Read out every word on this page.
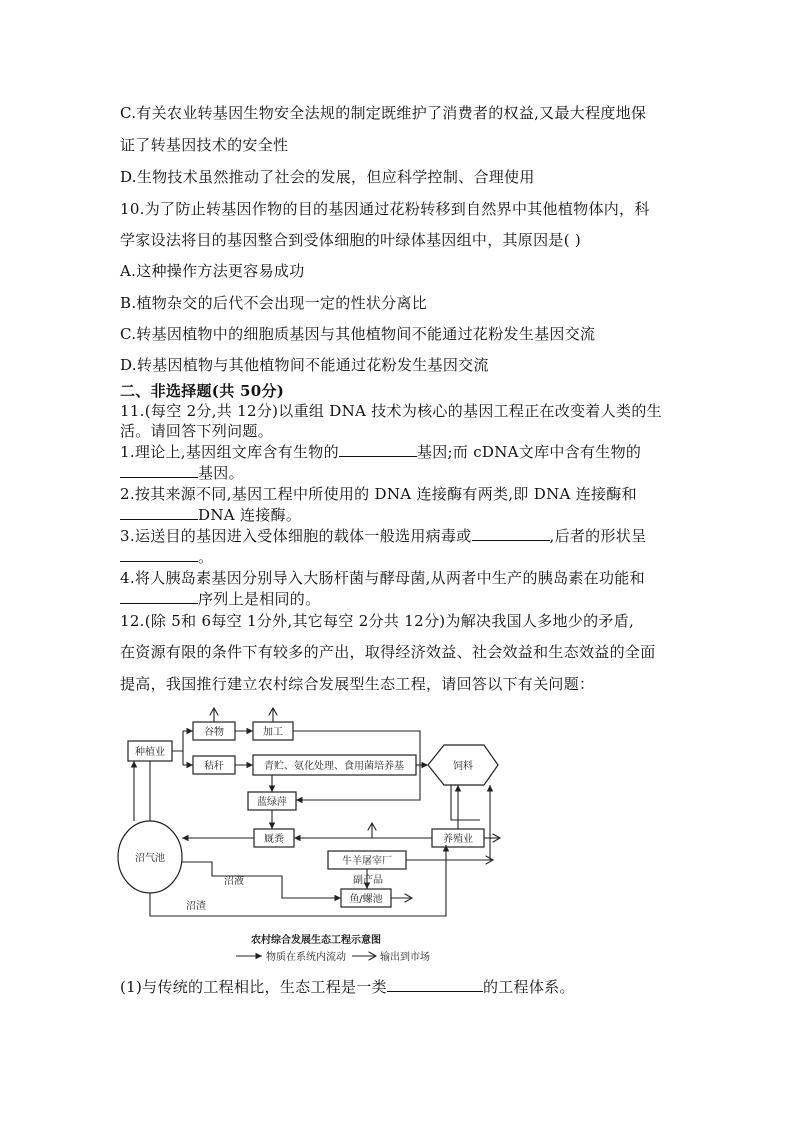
C.有关农业转基因生物安全法规的制定既维护了消费者的权益,又最大程度地保
证了转基因技术的安全性
D.生物技术虽然推动了社会的发展，但应科学控制、合理使用
10.为了防止转基因作物的目的基因通过花粉转移到自然界中其他植物体内，科
学家设法将目的基因整合到受体细胞的叶绿体基因组中，其原因是( )
A.这种操作方法更容易成功
B.植物杂交的后代不会出现一定的性状分离比
C.转基因植物中的细胞质基因与其他植物间不能通过花粉发生基因交流
D.转基因植物与其他植物间不能通过花粉发生基因交流
二、非选择题(共 50分)
11.(每空 2分,共 12分)以重组 DNA 技术为核心的基因工程正在改变着人类的生
活。请回答下列问题。
1.理论上,基因组文库含有生物的	基因;而 cDNA文库中含有生物的
基因。
2.按其来源不同,基因工程中所使用的 DNA 连接酶有两类,即 DNA 连接酶和
DNA 连接酶。
3.运送目的基因进入受体细胞的载体一般选用病毒或	,后者的形状呈
。
4.将人胰岛素基因分别导入大肠杆菌与酵母菌,从两者中生产的胰岛素在功能和
序列上是相同的。
12.(除 5和 6每空 1分外,其它每空 2分共 12分)为解决我国人多地少的矛盾,
在资源有限的条件下有较多的产出，取得经济效益、社会效益和生态效益的全面
提高，我国推行建立农村综合发展型生态工程，请回答以下有关问题：
种植业
谷物	加工
秸秆	青贮、氨化处理、食用菌培养基	饲料
蓝绿萍
沼气池
厩粪	养殖业
牛羊屠宰厂
副产品
鱼/螺池
沼液
沼渣
农村综合发展生态工程示意图
物质在系统内流动	输出到市场
(1)与传统的工程相比，生态工程是一类	的工程体系。
